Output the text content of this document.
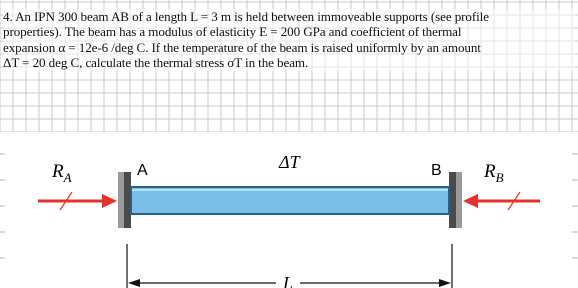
4. An IPN 300 beam AB of a length L = 3 m is held between immoveable supports (see profile
properties). The beam has a modulus of elasticity E = 200 GPa and coefficient of thermal
expansion α = 12e-6 /deg C. If the temperature of the beam is raised uniformly by an amount
ΔT = 20 deg C, calculate the thermal stress σT in the beam.

$R_A$	A	ΔT	B $R_B$
L
